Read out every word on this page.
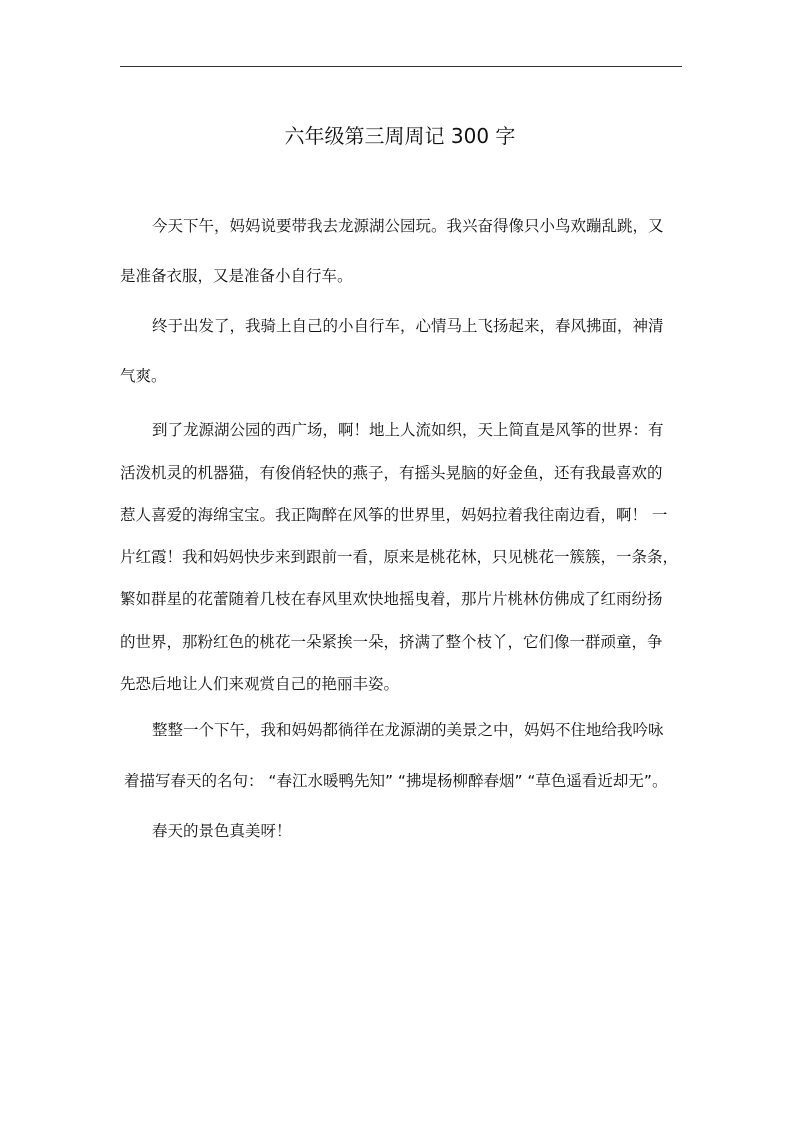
六年级第三周周记 300 字
今天下午，妈妈说要带我去龙源湖公园玩。我兴奋得像只小鸟欢蹦乱跳，又
是准备衣服，又是准备小自行车。
终于出发了，我骑上自己的小自行车，心情马上飞扬起来，春风拂面，神清
气爽。
到了龙源湖公园的西广场，啊！地上人流如织，天上简直是风筝的世界：有
活泼机灵的机器猫，有俊俏轻快的燕子，有摇头晃脑的好金鱼，还有我最喜欢的
惹人喜爱的海绵宝宝。我正陶醉在风筝的世界里，妈妈拉着我往南边看，啊！ 一
片红霞！我和妈妈快步来到跟前一看，原来是桃花林，只见桃花一簇簇，一条条，
繁如群星的花蕾随着几枝在春风里欢快地摇曳着，那片片桃林仿佛成了红雨纷扬
的世界，那粉红色的桃花一朵紧挨一朵，挤满了整个枝丫，它们像一群顽童，争
先恐后地让人们来观赏自己的艳丽丰姿。
整整一个下午，我和妈妈都徜徉在龙源湖的美景之中，妈妈不住地给我吟咏
着描写春天的名句： “春江水暖鸭先知” “拂堤杨柳醉春烟” “草色遥看近却无”。
春天的景色真美呀！
